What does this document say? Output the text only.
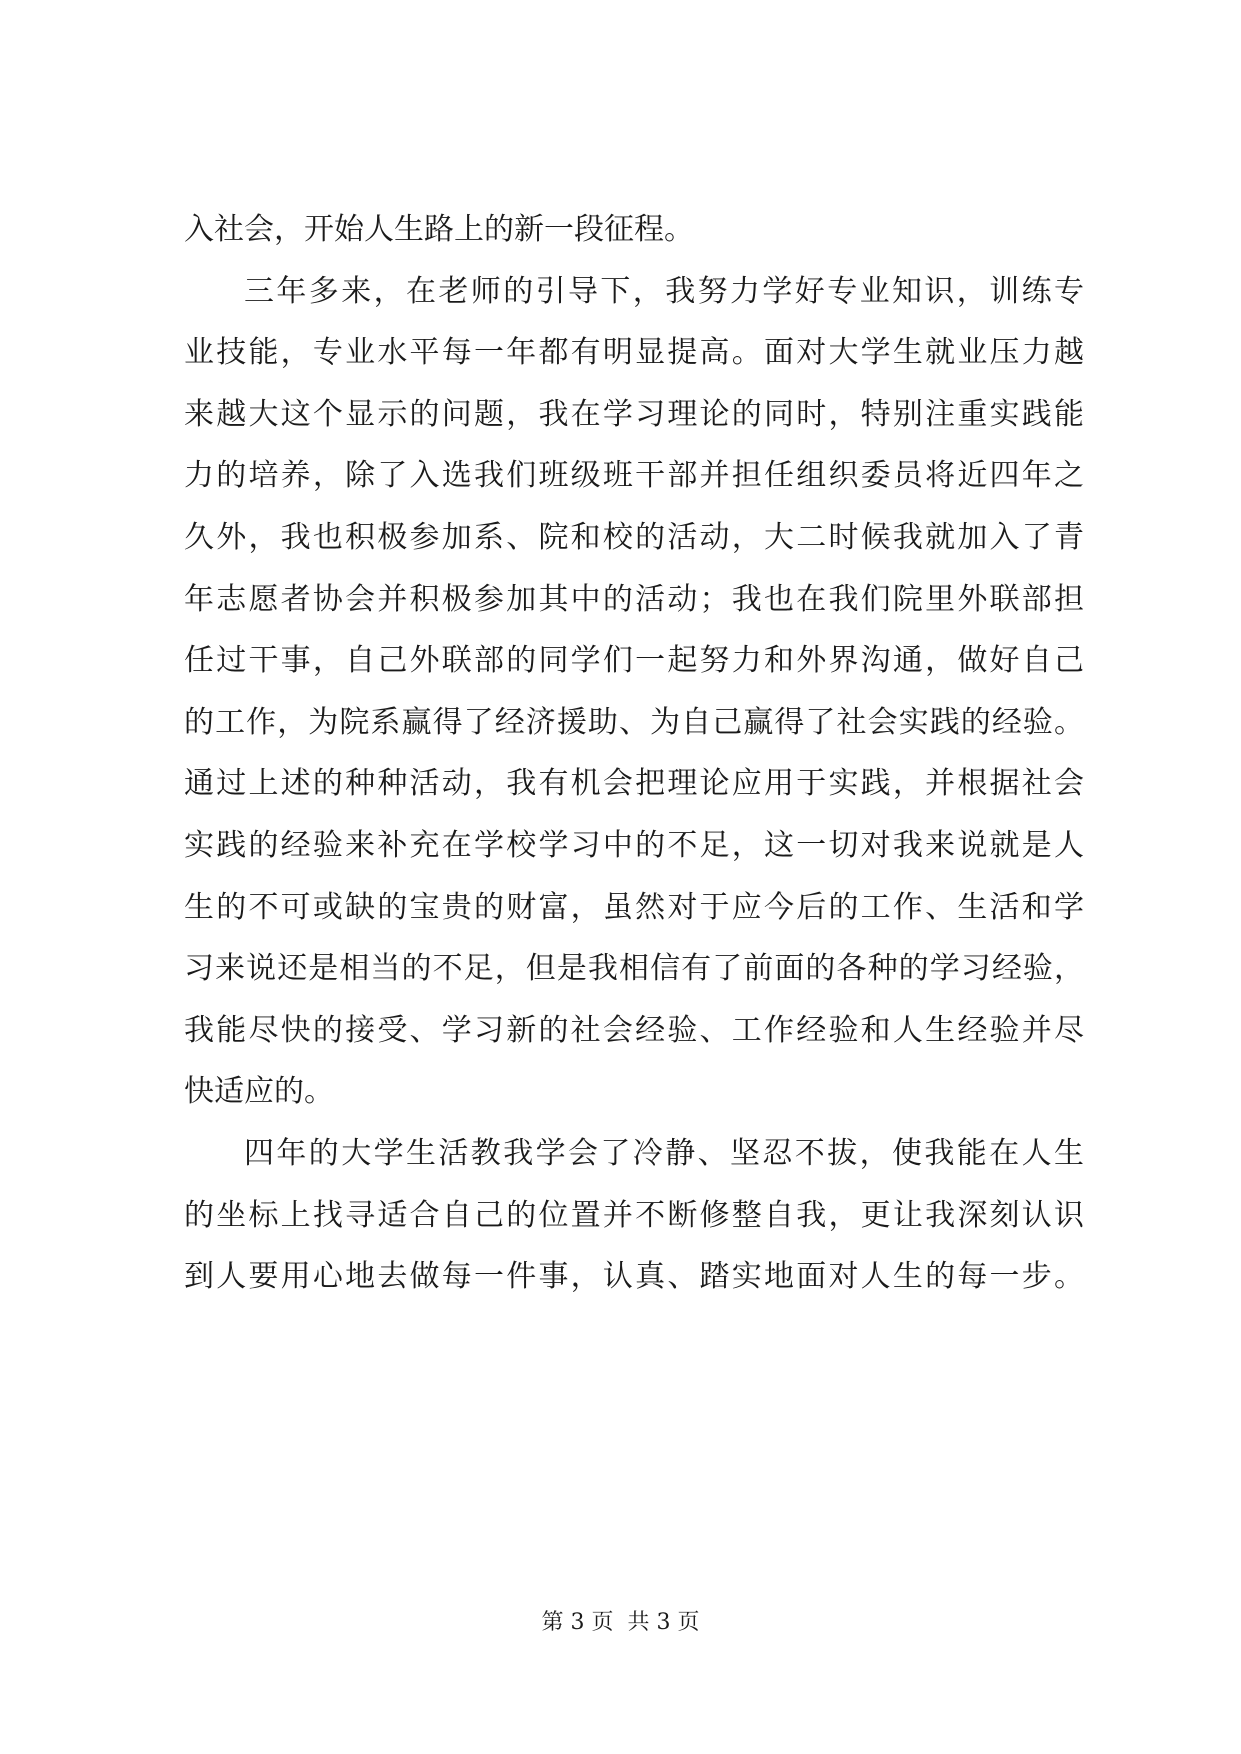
入社会，开始人生路上的新一段征程。
三年多来，在老师的引导下，我努力学好专业知识，训练专
业技能，专业水平每一年都有明显提高。面对大学生就业压力越
来越大这个显示的问题，我在学习理论的同时，特别注重实践能
力的培养，除了入选我们班级班干部并担任组织委员将近四年之
久外，我也积极参加系、院和校的活动，大二时候我就加入了青
年志愿者协会并积极参加其中的活动；我也在我们院里外联部担
任过干事，自己外联部的同学们一起努力和外界沟通，做好自己
的工作，为院系赢得了经济援助、为自己赢得了社会实践的经验。
通过上述的种种活动，我有机会把理论应用于实践，并根据社会
实践的经验来补充在学校学习中的不足，这一切对我来说就是人
生的不可或缺的宝贵的财富，虽然对于应今后的工作、生活和学
习来说还是相当的不足，但是我相信有了前面的各种的学习经验，
我能尽快的接受、学习新的社会经验、工作经验和人生经验并尽
快适应的。
四年的大学生活教我学会了冷静、坚忍不拔，使我能在人生
的坐标上找寻适合自己的位置并不断修整自我，更让我深刻认识
到人要用心地去做每一件事，认真、踏实地面对人生的每一步。
第 3 页  共 3 页
